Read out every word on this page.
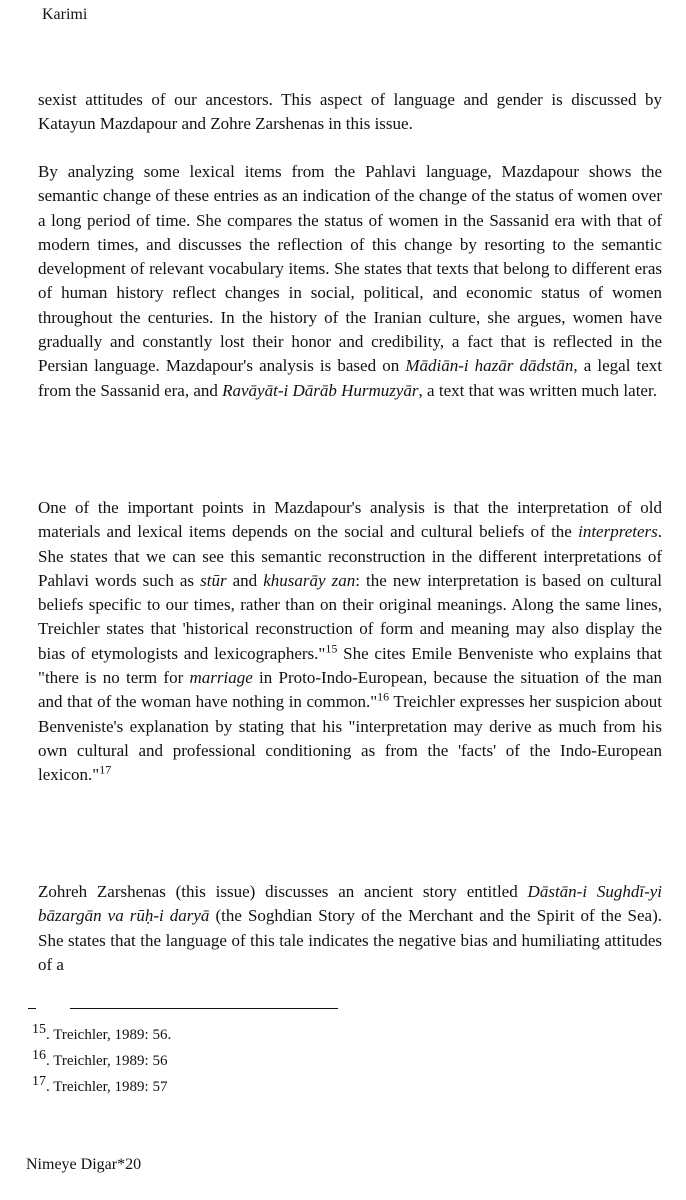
Karimi

sexist attitudes of our ancestors. This aspect of language and gender is discussed by Katayun Mazdapour and Zohre Zarshenas in this issue.

By analyzing some lexical items from the Pahlavi language, Mazdapour shows the semantic change of these entries as an indication of the change of the status of women over a long period of time. She compares the status of women in the Sassanid era with that of modern times, and discusses the reflection of this change by resorting to the semantic development of relevant vocabulary items. She states that texts that belong to different eras of human history reflect changes in social, political, and economic status of women throughout the centuries. In the history of the Iranian culture, she argues, women have gradually and constantly lost their honor and credibility, a fact that is reflected in the Persian language. Mazdapour's analysis is based on Mādiān-i hazār dādstān, a legal text from the Sassanid era, and Ravāyāt-i Dārāb Hurmuzyār, a text that was written much later.

One of the important points in Mazdapour's analysis is that the interpretation of old materials and lexical items depends on the social and cultural beliefs of the interpreters. She states that we can see this semantic reconstruction in the different interpretations of Pahlavi words such as stūr and khusarāy zan: the new interpretation is based on cultural beliefs specific to our times, rather than on their original meanings. Along the same lines, Treichler states that 'historical reconstruction of form and meaning may also display the bias of etymologists and lexicographers."$^{15}$ She cites Emile Benveniste who explains that "there is no term for marriage in Proto-Indo-European, because the situation of the man and that of the woman have nothing in common."$^{16}$ Treichler expresses her suspicion about Benveniste's explanation by stating that his "interpretation may derive as much from his own cultural and professional conditioning as from the 'facts' of the Indo-European lexicon."$^{17}$

Zohreh Zarshenas (this issue) discusses an ancient story entitled Dāstān-i Sughdī-yi bāzargān va rūḥ-i daryā (the Soghdian Story of the Merchant and the Spirit of the Sea). She states that the language of this tale indicates the negative bias and humiliating attitudes of a

$^{15}$. Treichler, 1989: 56.
$^{16}$. Treichler, 1989: 56
$^{17}$. Treichler, 1989: 57
Nimeye Digar*20
